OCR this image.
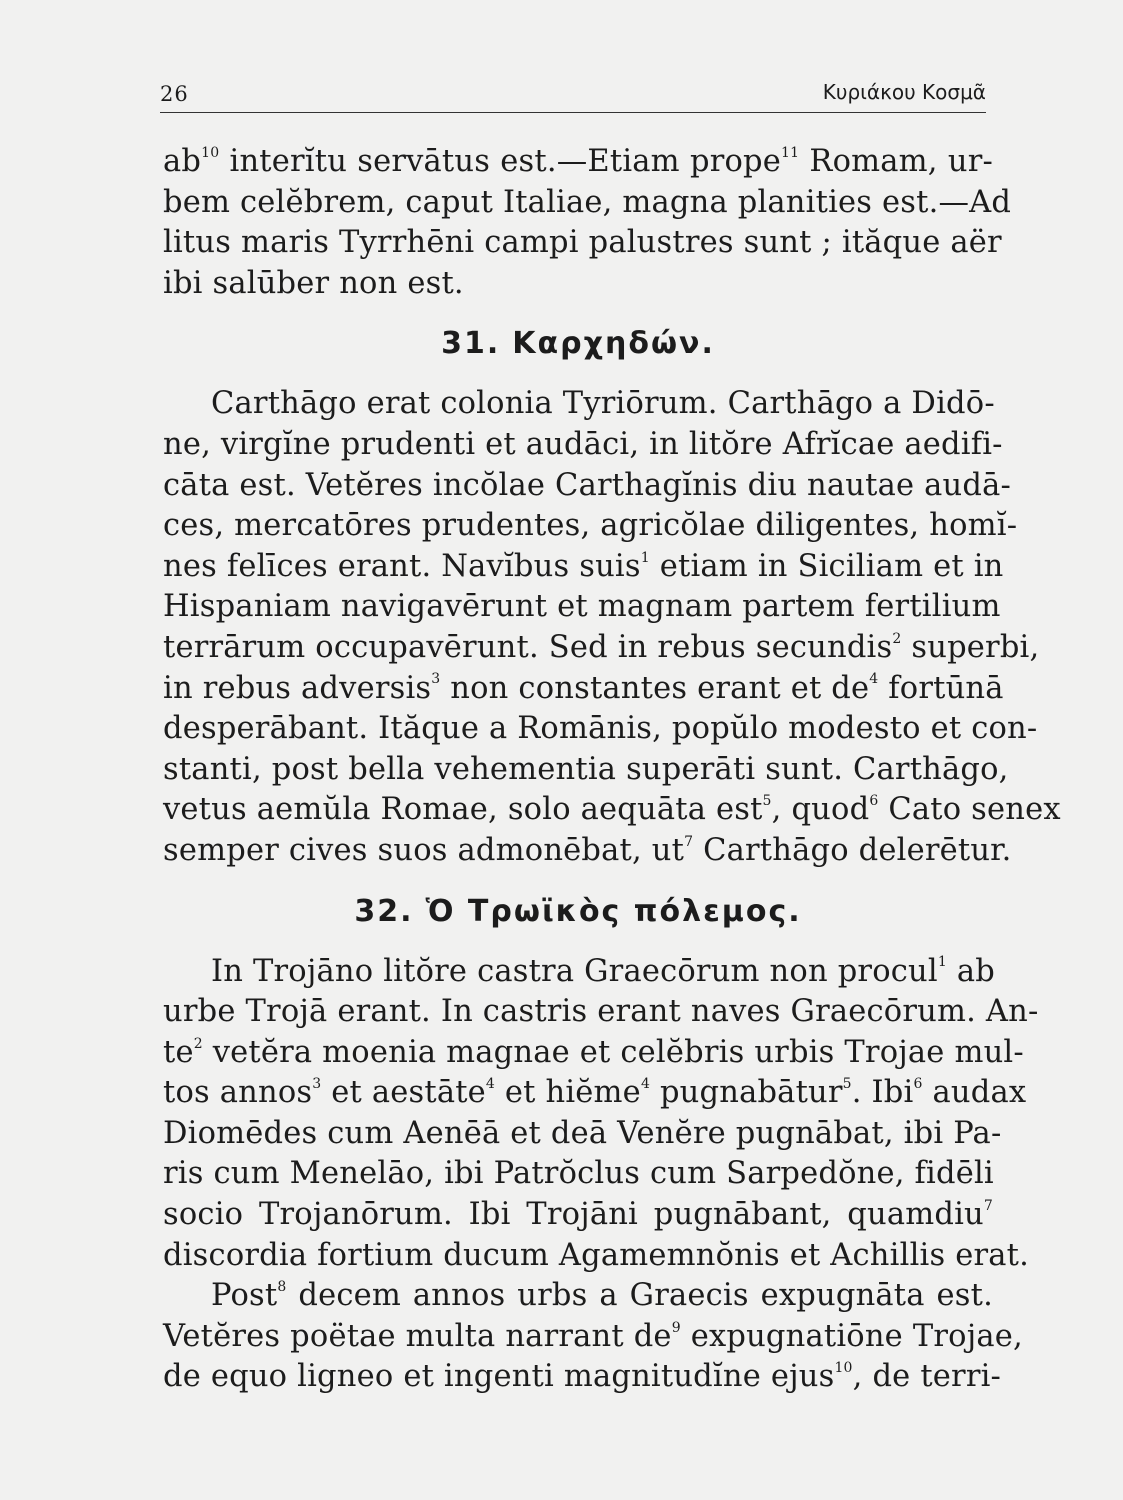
26	Κυριάκου Κοσμᾶ
$ab^{10}$ interĭtu servātus est.—Etiam prope$^{11}$ Romam, ur-
bem celĕbrem, caput Italiae, magna planities est.—Ad
litus maris Tyrrhēni campi palustres sunt ; ităque aër
ibi salūber non est.
31. Καρχηδών.
Carthāgo erat colonia Tyriōrum. Carthāgo a Didō-
ne, virgĭne prudenti et audāci, in litŏre Afrĭcae aedifi-
cāta est. Vetĕres incŏlae Carthagĭnis diu nautae audā-
ces, mercatōres prudentes, agricŏlae diligentes, homĭ-
nes felīces erant. Navĭbus suis$^1$ etiam in Siciliam et in
Hispaniam navigavērunt et magnam partem fertilium
terrārum occupavērunt. Sed in rebus secundis$^2$ superbi,
in rebus adversis$^3$ non constantes erant et $de^4$ fortūnā
desperābant. Ităque a Romānis, popŭlo modesto et con-
stanti, post bella vehementia superāti sunt. Carthāgo,
vetus aemŭla Romae, solo aequāta est$^5$, quod$^6$ Cato senex
semper cives suos admonēbat, $ut^7$ Carthāgo delerētur.
32. Ὁ Τρωϊκὸς πόλεμος.
In Trojāno litŏre castra Graecōrum non procul$^1$ ab
urbe Trojā erant. In castris erant naves Graecōrum. An-
$te^2$ vetĕra moenia magnae et celĕbris urbis Trojae mul-
tos annos$^3$ et aestāte$^4$ et hiĕme$^4$ pugnabātur$^5$. Ibi$^6$ audax
Diomēdes cum Aenēā et deā Venĕre pugnābat, ibi Pa-
ris cum Menelāo, ibi Patrŏclus cum Sarpedŏne, fidēli
socio Trojanōrum. Ibi Trojāni pugnābant, quamdiu$^7$
discordia fortium ducum Agamemnŏnis et Achillis erat.
Post$^8$ decem annos urbs a Graecis expugnāta est.
Vetĕres poëtae multa narrant $de^9$ expugnatiōne Trojae,
de equo ligneo et ingenti magnitudĭne ejus$^{10}$, de terri-
